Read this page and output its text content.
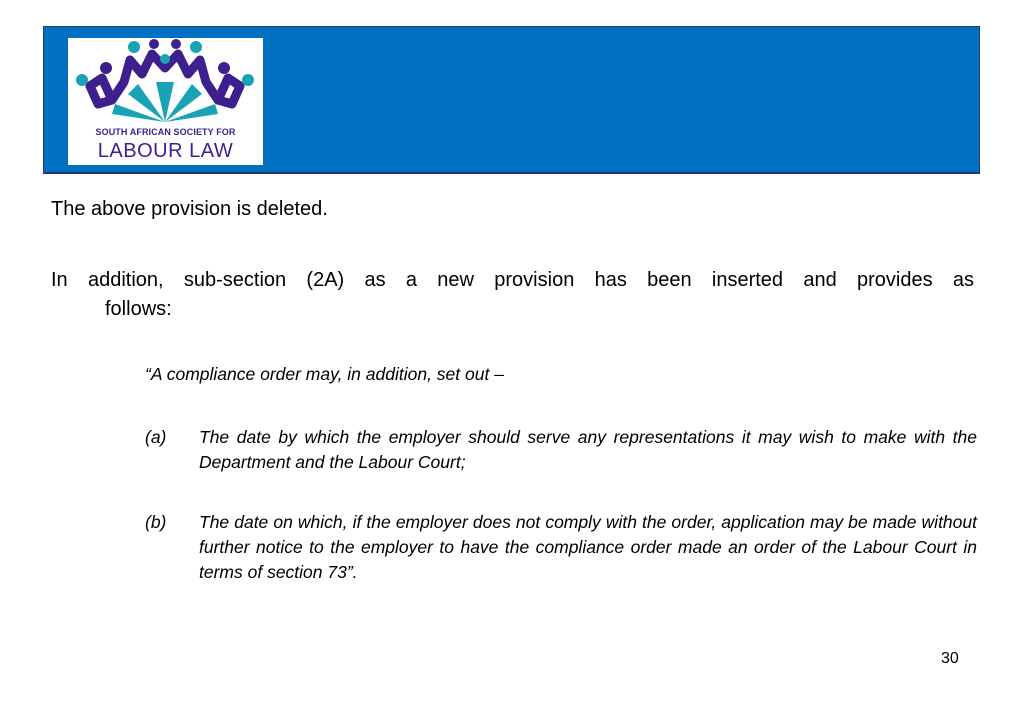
SOUTH AFRICAN SOCIETY FOR
LABOUR LAW

The above provision is deleted.

In addition, sub-section (2A) as a new provision has been inserted and provides as
follows:

“A compliance order may, in addition, set out –

(a) The date by which the employer should serve any representations it may wish to make with the Department and the Labour Court;
(b) The date on which, if the employer does not comply with the order, application may be made without further notice to the employer to have the compliance order made an order of the Labour Court in terms of section 73”.
30
